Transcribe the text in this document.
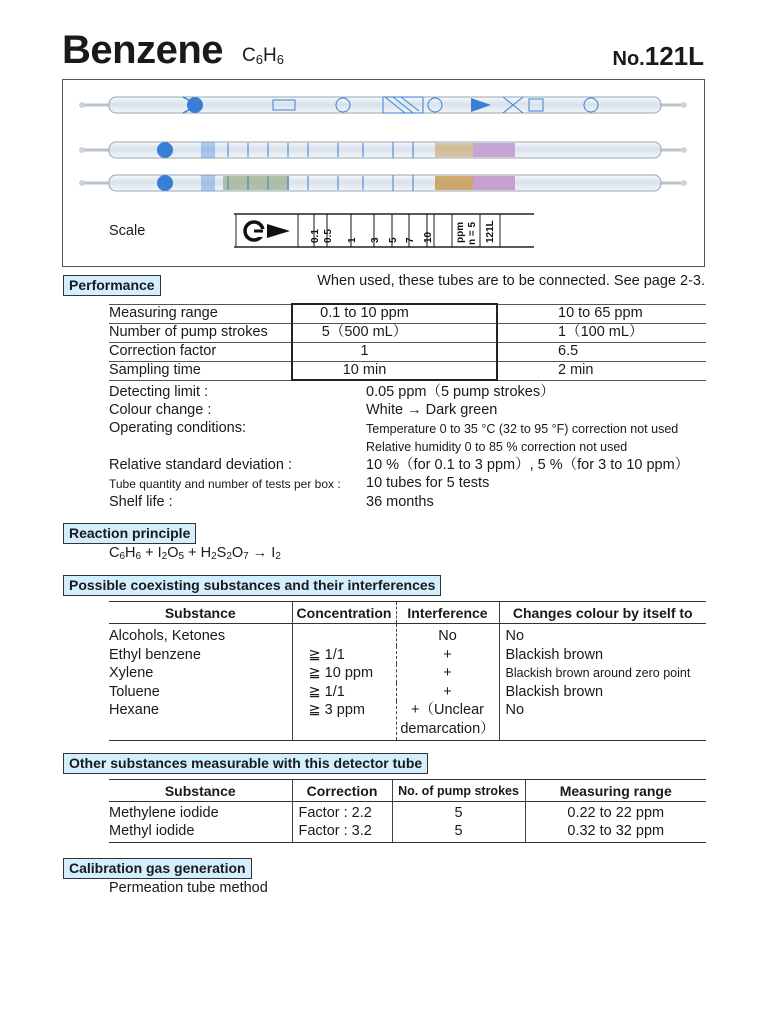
Benzene $C_6H_6$	No.121L
Scale	0.1 0.5 1 3 5 7 10 ppm n = 5 121L
Performance	When used, these tubes are to be connected. See page 2-3.
Measuring range	0.1 to 10 ppm	10 to 65 ppm
Number of pump strokes	5（500 mL）	1（100 mL）
Correction factor	1	6.5
Sampling time	10 min	2 min
Detecting limit :	0.05 ppm（5 pump strokes）
Colour change :	White → Dark green
Operating conditions:	Temperature 0 to 35 °C (32 to 95 °F) correction not used
Relative humidity 0 to 85 % correction not used
Relative standard deviation :	10 %（for 0.1 to 3 ppm）, 5 %（for 3 to 10 ppm）
Tube quantity and number of tests per box : 10 tubes for 5 tests
Shelf life :	36 months
Reaction principle
$C_6H_6 + I_2O_5 + H_2S_2O_7 \to I_2$
Possible coexisting substances and their interferences
Substance	Concentration	Interference	Changes colour by itself to
Alcohols, Ketones		No	No
Ethyl benzene	≧ 1/1	+	Blackish brown
Xylene	≧ 10 ppm	+	Blackish brown around zero point
Toluene	≧ 1/1	+	Blackish brown
Hexane	≧ 3 ppm	+（Unclear
demarcation）	No
Other substances measurable with this detector tube
Substance	Correction	No. of pump strokes	Measuring range
Methylene iodide	Factor : 2.2	5	0.22 to 22 ppm
Methyl iodide	Factor : 3.2	5	0.32 to 32 ppm
Calibration gas generation
Permeation tube method
